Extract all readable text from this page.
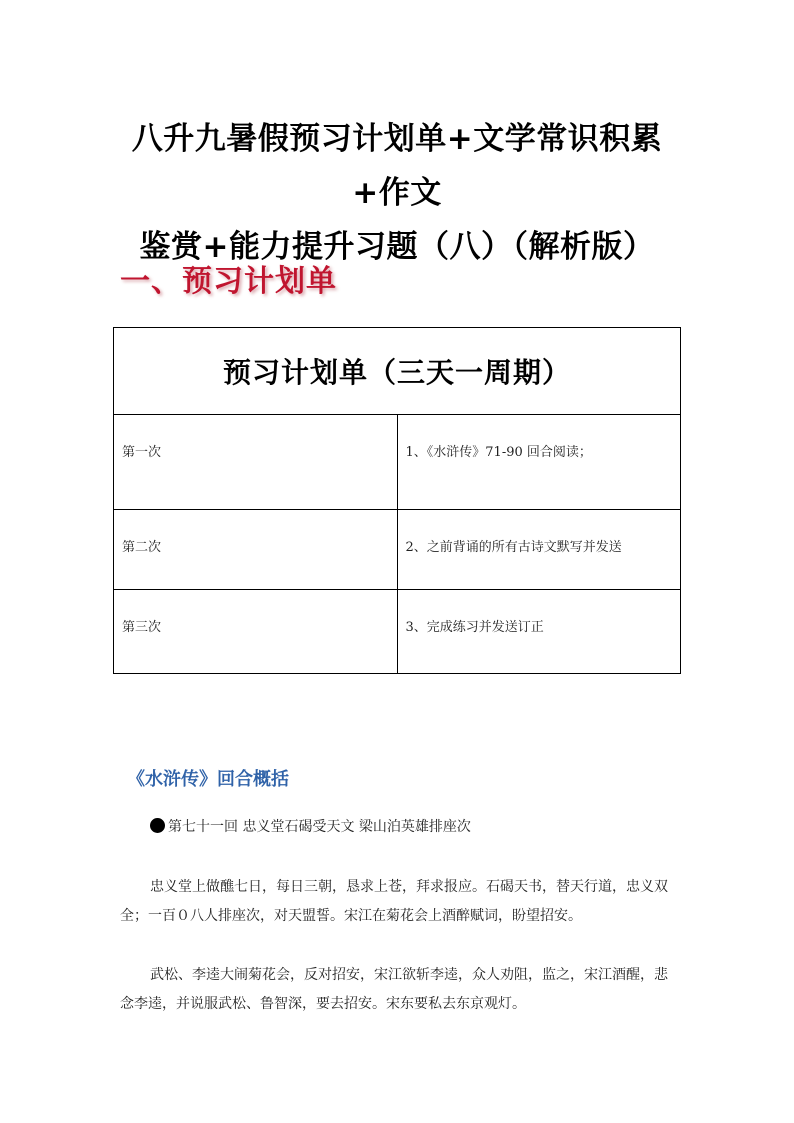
八升九暑假预习计划单+文学常识积累+作文
鉴赏+能力提升习题（八）（解析版）
一、预习计划单
预习计划单（三天一周期）	

第一次	1、《水浒传》71-90 回合阅读；

第二次	2、之前背诵的所有古诗文默写并发送

第三次	3、完成练习并发送订正
《水浒传》回合概括
第七十一回 忠义堂石碣受天文 梁山泊英雄排座次

忠义堂上做醮七日，每日三朝，恳求上苍，拜求报应。石碣天书，替天行道，忠义双全；一百０八人排座次，对天盟誓。宋江在菊花会上酒醉赋词，盼望招安。

武松、李逵大闹菊花会，反对招安，宋江欲斩李逵，众人劝阻，监之，宋江酒醒，悲念李逵，并说服武松、鲁智深，要去招安。宋东要私去东京观灯。
